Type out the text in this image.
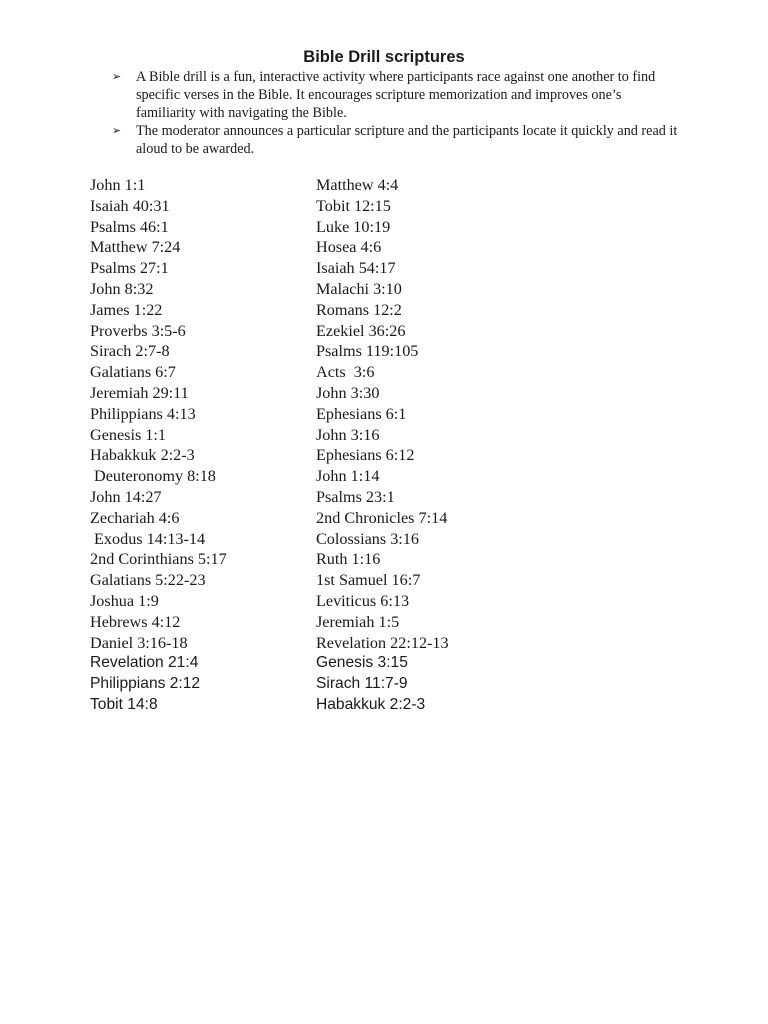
Bible Drill scriptures
➢ A Bible drill is a fun, interactive activity where participants race against one another to find specific verses in the Bible. It encourages scripture memorization and improves one’s familiarity with navigating the Bible.
➢ The moderator announces a particular scripture and the participants locate it quickly and read it aloud to be awarded.
John 1:1
Isaiah 40:31
Psalms 46:1
Matthew 7:24
Psalms 27:1
John 8:32
James 1:22
Proverbs 3:5-6
Sirach 2:7-8
Galatians 6:7
Jeremiah 29:11
Philippians 4:13
Genesis 1:1
Habakkuk 2:2-3
Deuteronomy 8:18
John 14:27
Zechariah 4:6
Exodus 14:13-14
2nd Corinthians 5:17
Galatians 5:22-23
Joshua 1:9
Hebrews 4:12
Daniel 3:16-18
Revelation 21:4
Philippians 2:12
Tobit 14:8
Matthew 4:4
Tobit 12:15
Luke 10:19
Hosea 4:6
Isaiah 54:17
Malachi 3:10
Romans 12:2
Ezekiel 36:26
Psalms 119:105
Acts  3:6
John 3:30
Ephesians 6:1
John 3:16
Ephesians 6:12
John 1:14
Psalms 23:1
2nd Chronicles 7:14
Colossians 3:16
Ruth 1:16
1st Samuel 16:7
Leviticus 6:13
Jeremiah 1:5
Revelation 22:12-13
Genesis 3:15
Sirach 11:7-9
Habakkuk 2:2-3
